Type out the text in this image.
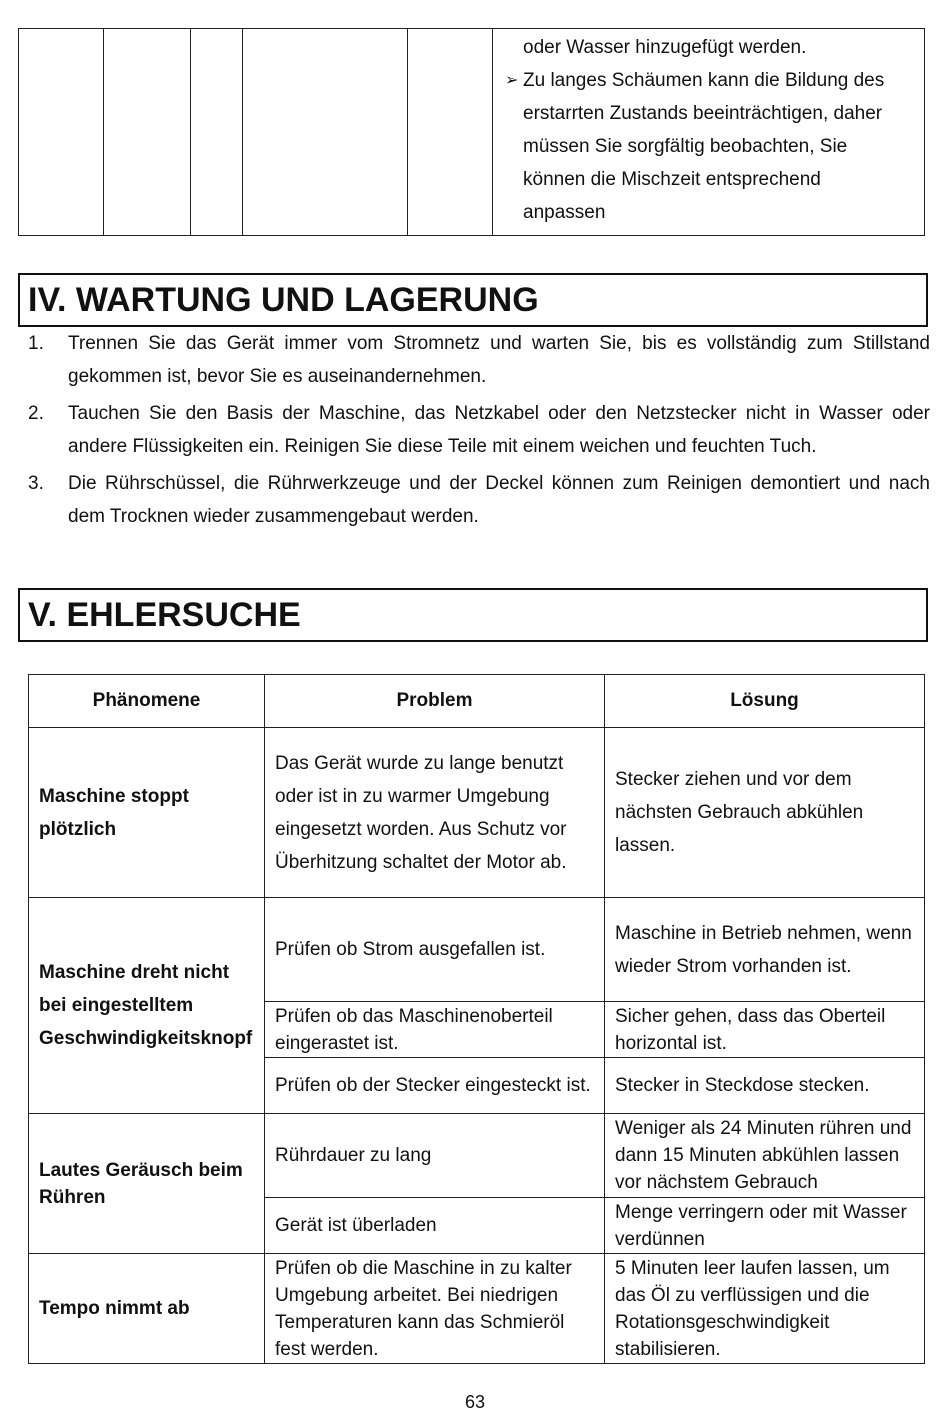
oder Wasser hinzugefügt werden.
➢ Zu langes Schäumen kann die Bildung des
erstarrten Zustands beeinträchtigen, daher
müssen Sie sorgfältig beobachten, Sie
können die Mischzeit entsprechend
anpassen
IV. WARTUNG UND LAGERUNG
1. Trennen Sie das Gerät immer vom Stromnetz und warten Sie, bis es vollständig zum Stillstand gekommen ist, bevor Sie es auseinandernehmen.
2. Tauchen Sie den Basis der Maschine, das Netzkabel oder den Netzstecker nicht in Wasser oder andere Flüssigkeiten ein. Reinigen Sie diese Teile mit einem weichen und feuchten Tuch.
3. Die Rührschüssel, die Rührwerkzeuge und der Deckel können zum Reinigen demontiert und nach dem Trocknen wieder zusammengebaut werden.
V. EHLERSUCHE
Phänomene	Problem	Lösung
Maschine stoppt plötzlich	Das Gerät wurde zu lange benutzt oder ist in zu warmer Umgebung eingesetzt worden. Aus Schutz vor Überhitzung schaltet der Motor ab.	Stecker ziehen und vor dem nächsten Gebrauch abkühlen lassen.
Maschine dreht nicht bei eingestelltem Geschwindigkeitsknopf	Prüfen ob Strom ausgefallen ist.	Maschine in Betrieb nehmen, wenn wieder Strom vorhanden ist.
	Prüfen ob das Maschinenoberteil eingerastet ist.	Sicher gehen, dass das Oberteil horizontal ist.
	Prüfen ob der Stecker eingesteckt ist.	Stecker in Steckdose stecken.
Lautes Geräusch beim Rühren	Rührdauer zu lang	Weniger als 24 Minuten rühren und dann 15 Minuten abkühlen lassen vor nächstem Gebrauch
	Gerät ist überladen	Menge verringern oder mit Wasser verdünnen
Tempo nimmt ab	Prüfen ob die Maschine in zu kalter Umgebung arbeitet. Bei niedrigen Temperaturen kann das Schmieröl fest werden.	5 Minuten leer laufen lassen, um das Öl zu verflüssigen und die Rotationsgeschwindigkeit stabilisieren.
63
